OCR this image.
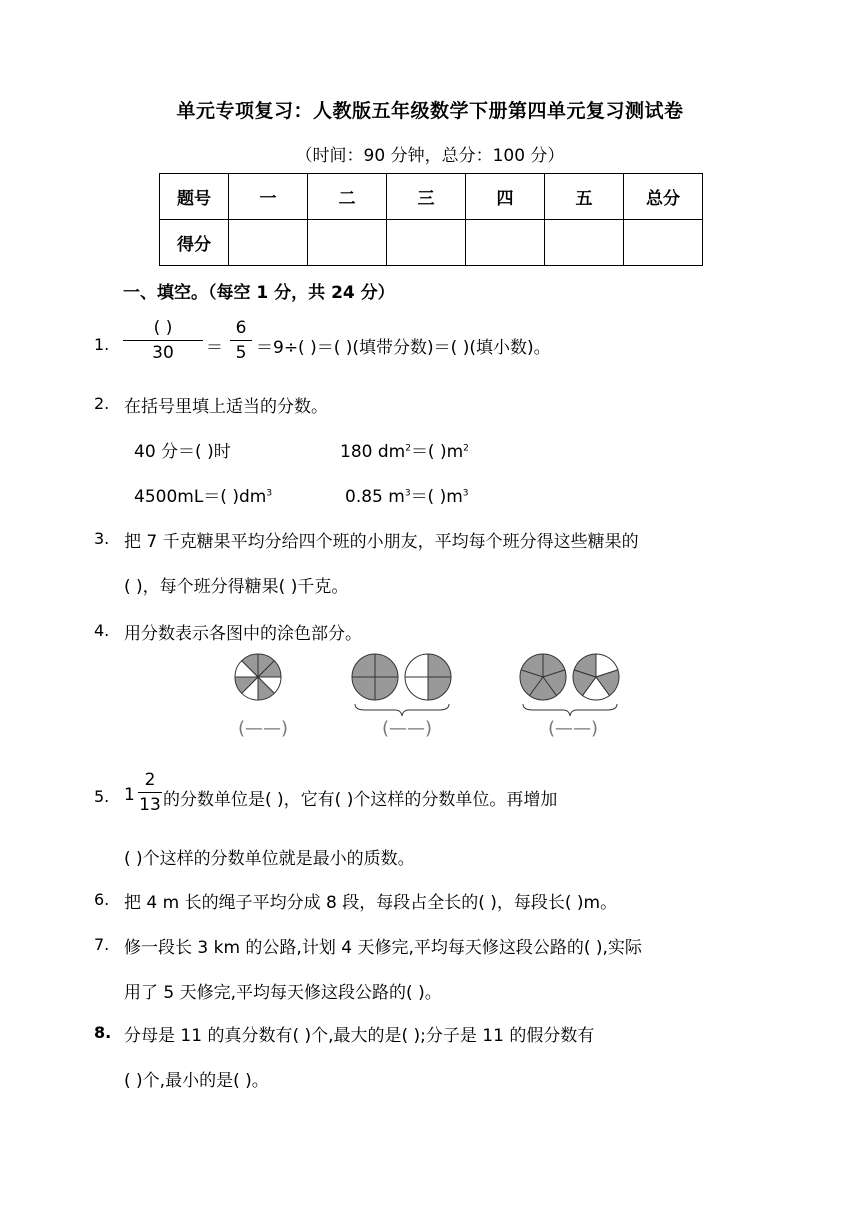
单元专项复习：人教版五年级数学下册第四单元复习测试卷
（时间：90 分钟，总分：100 分）
题号	一	二	三	四	五	总分
得分						
一、填空。（每空 1 分，共 24 分）
1.
( )
30	＝
6
5 ＝9÷( )＝( )(填带分数)＝( )(填小数)。
2. 在括号里填上适当的分数。
40 分＝( )时	180 $dm^2=$( )$m^2$
4500mL＝( )$dm^3$	0.85 $m^3=$( )$m^3$
3. 把 7 千克糖果平均分给四个班的小朋友，平均每个班分得这些糖果的
( )，每个班分得糖果( )千克。
4. 用分数表示各图中的涂色部分。
(——)	(——)	(——)
5. 1
2
13 的分数单位是( )，它有( )个这样的分数单位。再增加
( )个这样的分数单位就是最小的质数。
6. 把 4 m 长的绳子平均分成 8 段，每段占全长的( )，每段长( )m。
7. 修一段长 3 km 的公路,计划 4 天修完,平均每天修这段公路的( ),实际
用了 5 天修完,平均每天修这段公路的( )。
8. 分母是 11 的真分数有( )个,最大的是( );分子是 11 的假分数有
( )个,最小的是( )。
